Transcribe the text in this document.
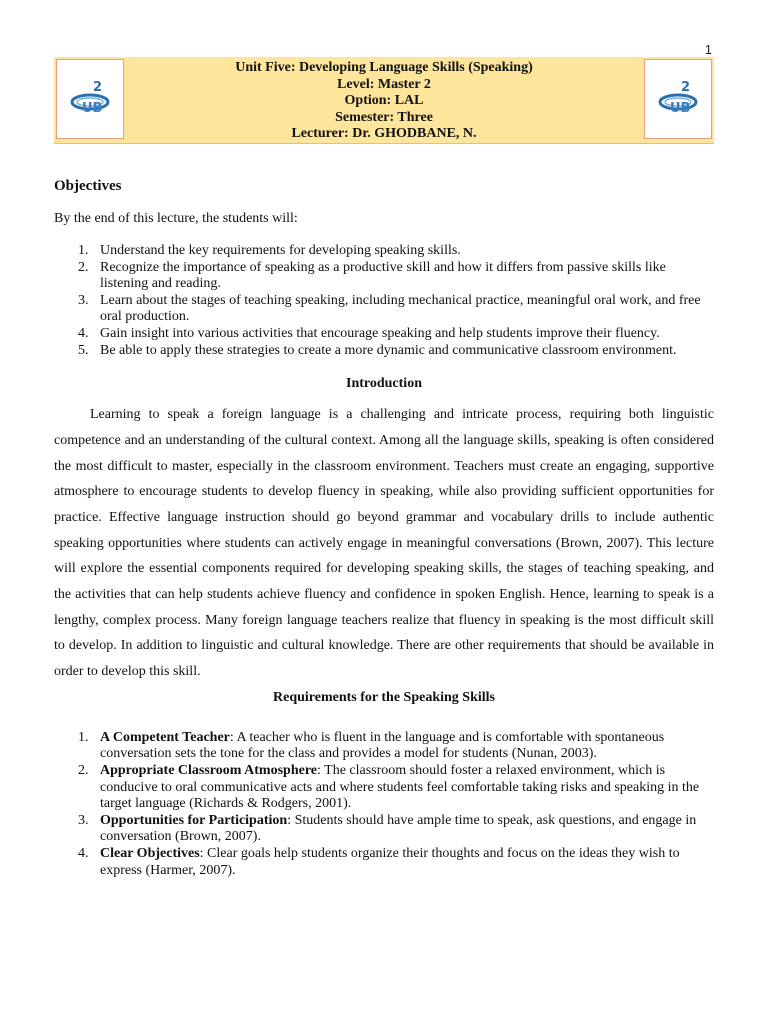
1
2
UB
Unit Five: Developing Language Skills (Speaking)
Level: Master 2
Option: LAL
Semester: Three
Lecturer: Dr. GHODBANE, N.
2
UB
Objectives

By the end of this lecture, the students will:

1. Understand the key requirements for developing speaking skills.
2. Recognize the importance of speaking as a productive skill and how it differs from passive skills like listening and reading.
3. Learn about the stages of teaching speaking, including mechanical practice, meaningful oral work, and free oral production.
4. Gain insight into various activities that encourage speaking and help students improve their fluency.
5. Be able to apply these strategies to create a more dynamic and communicative classroom environment.
Introduction

Learning to speak a foreign language is a challenging and intricate process, requiring both linguistic competence and an understanding of the cultural context. Among all the language skills, speaking is often considered the most difficult to master, especially in the classroom environment. Teachers must create an engaging, supportive atmosphere to encourage students to develop fluency in speaking, while also providing sufficient opportunities for practice. Effective language instruction should go beyond grammar and vocabulary drills to include authentic speaking opportunities where students can actively engage in meaningful conversations (Brown, 2007). This lecture will explore the essential components required for developing speaking skills, the stages of teaching speaking, and the activities that can help students achieve fluency and confidence in spoken English. Hence, learning to speak is a lengthy, complex process. Many foreign language teachers realize that fluency in speaking is the most difficult skill to develop. In addition to linguistic and cultural knowledge. There are other requirements that should be available in order to develop this skill.

Requirements for the Speaking Skills
1. A Competent Teacher: A teacher who is fluent in the language and is comfortable with spontaneous conversation sets the tone for the class and provides a model for students (Nunan, 2003).
2. Appropriate Classroom Atmosphere: The classroom should foster a relaxed environment, which is conducive to oral communicative acts and where students feel comfortable taking risks and speaking in the target language (Richards & Rodgers, 2001).
3. Opportunities for Participation: Students should have ample time to speak, ask questions, and engage in conversation (Brown, 2007).
4. Clear Objectives: Clear goals help students organize their thoughts and focus on the ideas they wish to express (Harmer, 2007).
